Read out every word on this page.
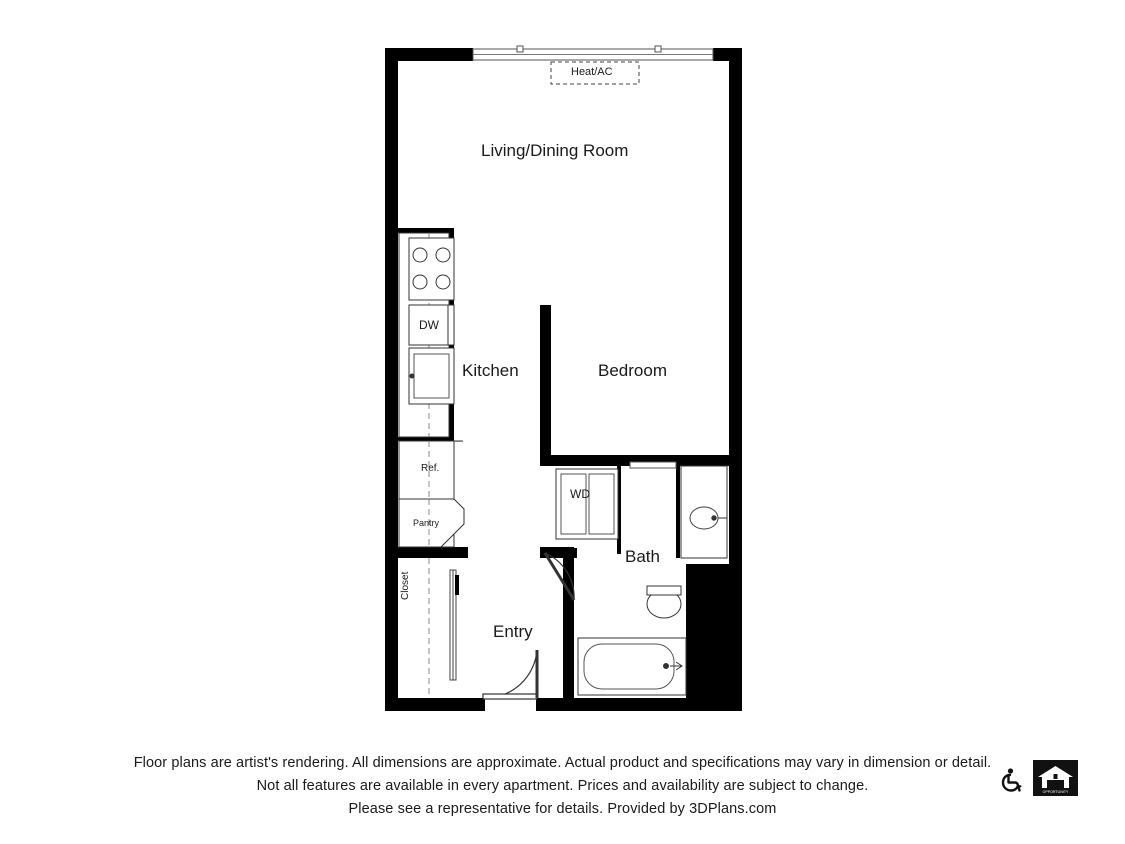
Living/Dining Room
Bedroom
Kitchen
Bath
Entry
Heat/AC
DW
Ref.
Pantry
WD
Closet
Floor plans are artist's rendering. All dimensions are approximate. Actual product and specifications may vary in dimension or detail.
Not all features are available in every apartment. Prices and availability are subject to change.
Please see a representative for details. Provided by 3DPlans.com
OPPORTUNITY
